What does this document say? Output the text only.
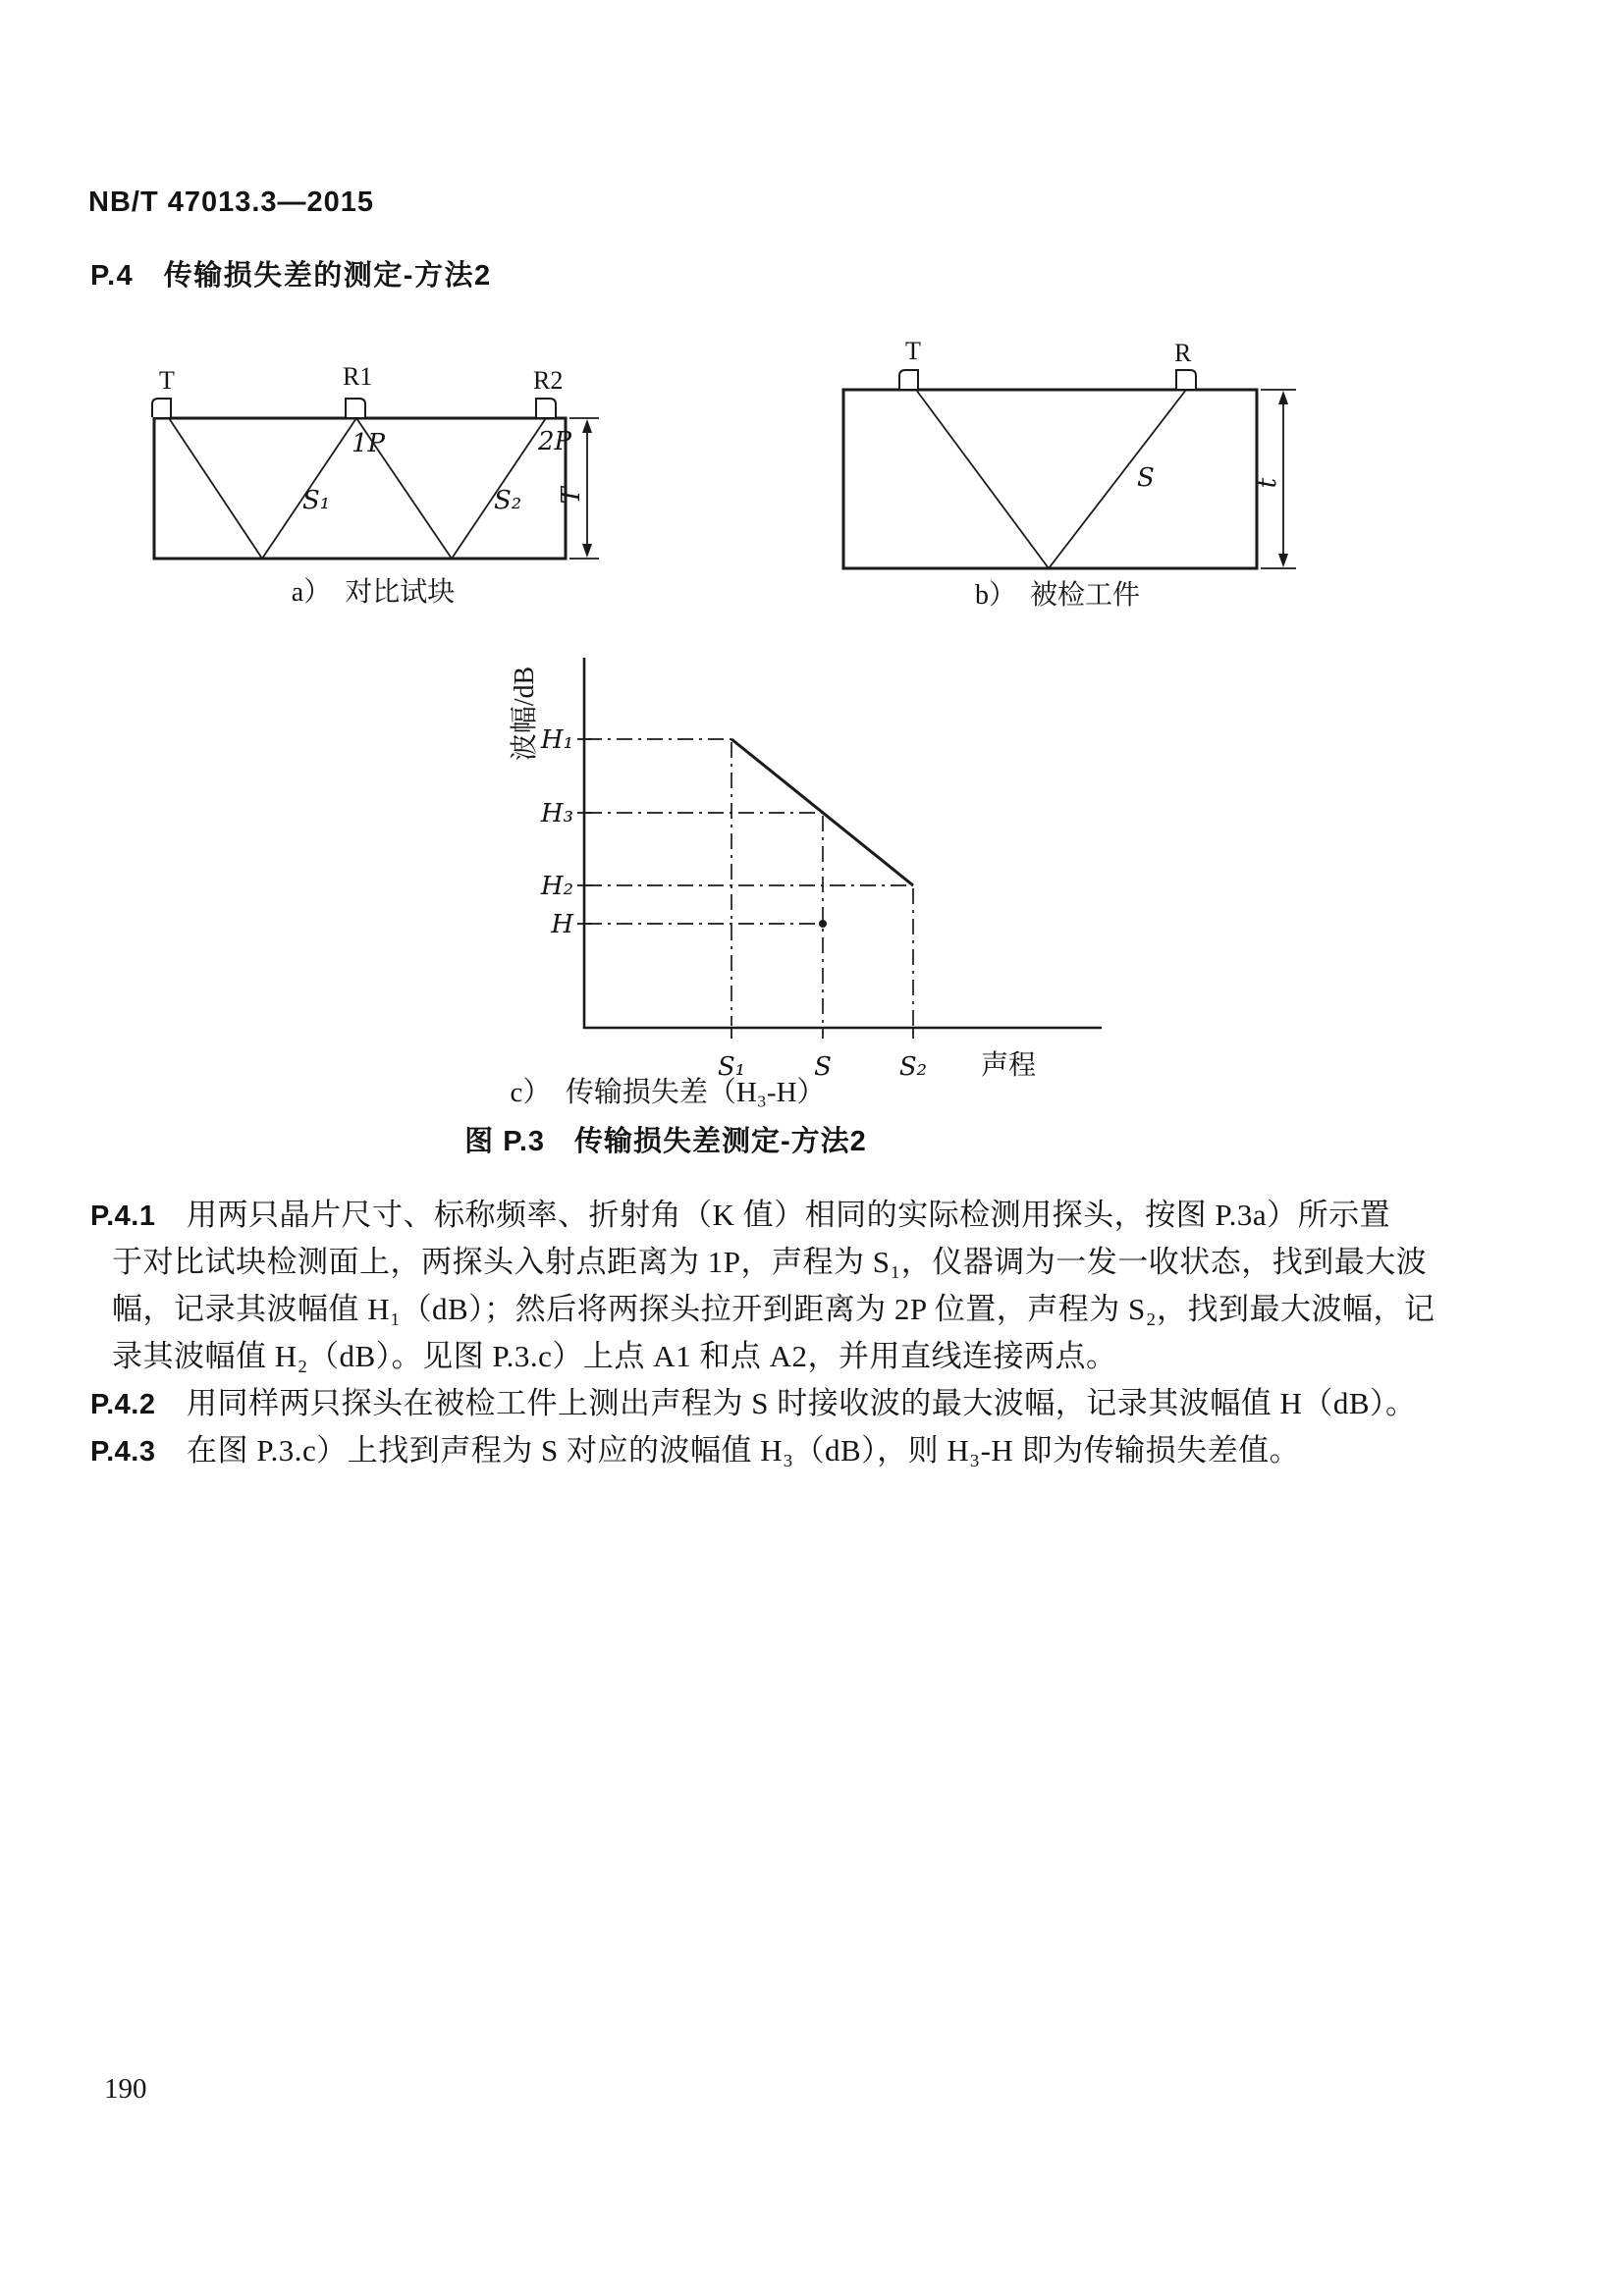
NB/T 47013.3—2015
P.4　传输损失差的测定-方法2
T	R1	R2
1P	2P
S₁	S₂ T
a）　对比试块
T	R
S	t
b）　被检工件
H₁
H₃
H₂
H
S₁	S	S₂ 声程
波幅/dB
c）　传输损失差（H₃-H）
图 P.3　传输损失差测定-方法2
P.4.1　用两只晶片尺寸、标称频率、折射角（K 值）相同的实际检测用探头，按图 P.3a）所示置
于对比试块检测面上，两探头入射点距离为 1P，声程为 S₁，仪器调为一发一收状态，找到最大波
幅，记录其波幅值 H₁（dB）；然后将两探头拉开到距离为 2P 位置，声程为 S₂，找到最大波幅，记
录其波幅值 H₂（dB）。见图 P.3.c）上点 A1 和点 A2，并用直线连接两点。
P.4.2　用同样两只探头在被检工件上测出声程为 S 时接收波的最大波幅，记录其波幅值 H（dB）。
P.4.3　在图 P.3.c）上找到声程为 S 对应的波幅值 H₃（dB），则 H₃-H 即为传输损失差值。
190
